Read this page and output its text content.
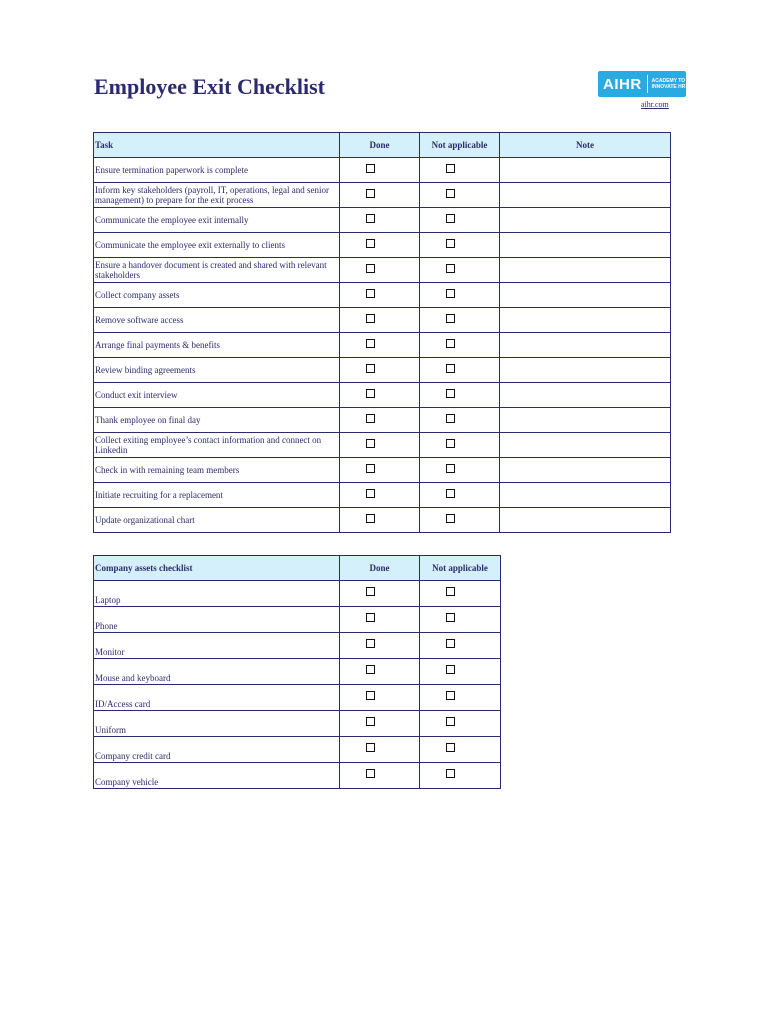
Employee Exit Checklist	AIHR ACADEMY TO
INNOVATE HR
aihr.com
Task	Done	Not applicable	Note
Ensure termination paperwork is complete	

Inform key stakeholders (payroll, IT, operations, legal and senior management) to prepare for the exit process	

Communicate the employee exit internally	

Communicate the employee exit externally to clients	

Ensure a handover document is created and shared with relevant stakeholders	

Collect company assets	

Remove software access	

Arrange final payments & benefits	

Review binding agreements	

Conduct exit interview	

Thank employee on final day	

Collect exiting employee’s contact information and connect on Linkedin	

Check in with remaining team members	

Initiate recruiting for a replacement	

Update organizational chart	

Company assets checklist	Done	Not applicable
Laptop	

Phone	

Monitor	

Mouse and keyboard	

ID/Access card	

Uniform	

Company credit card	

Company vehicle	
